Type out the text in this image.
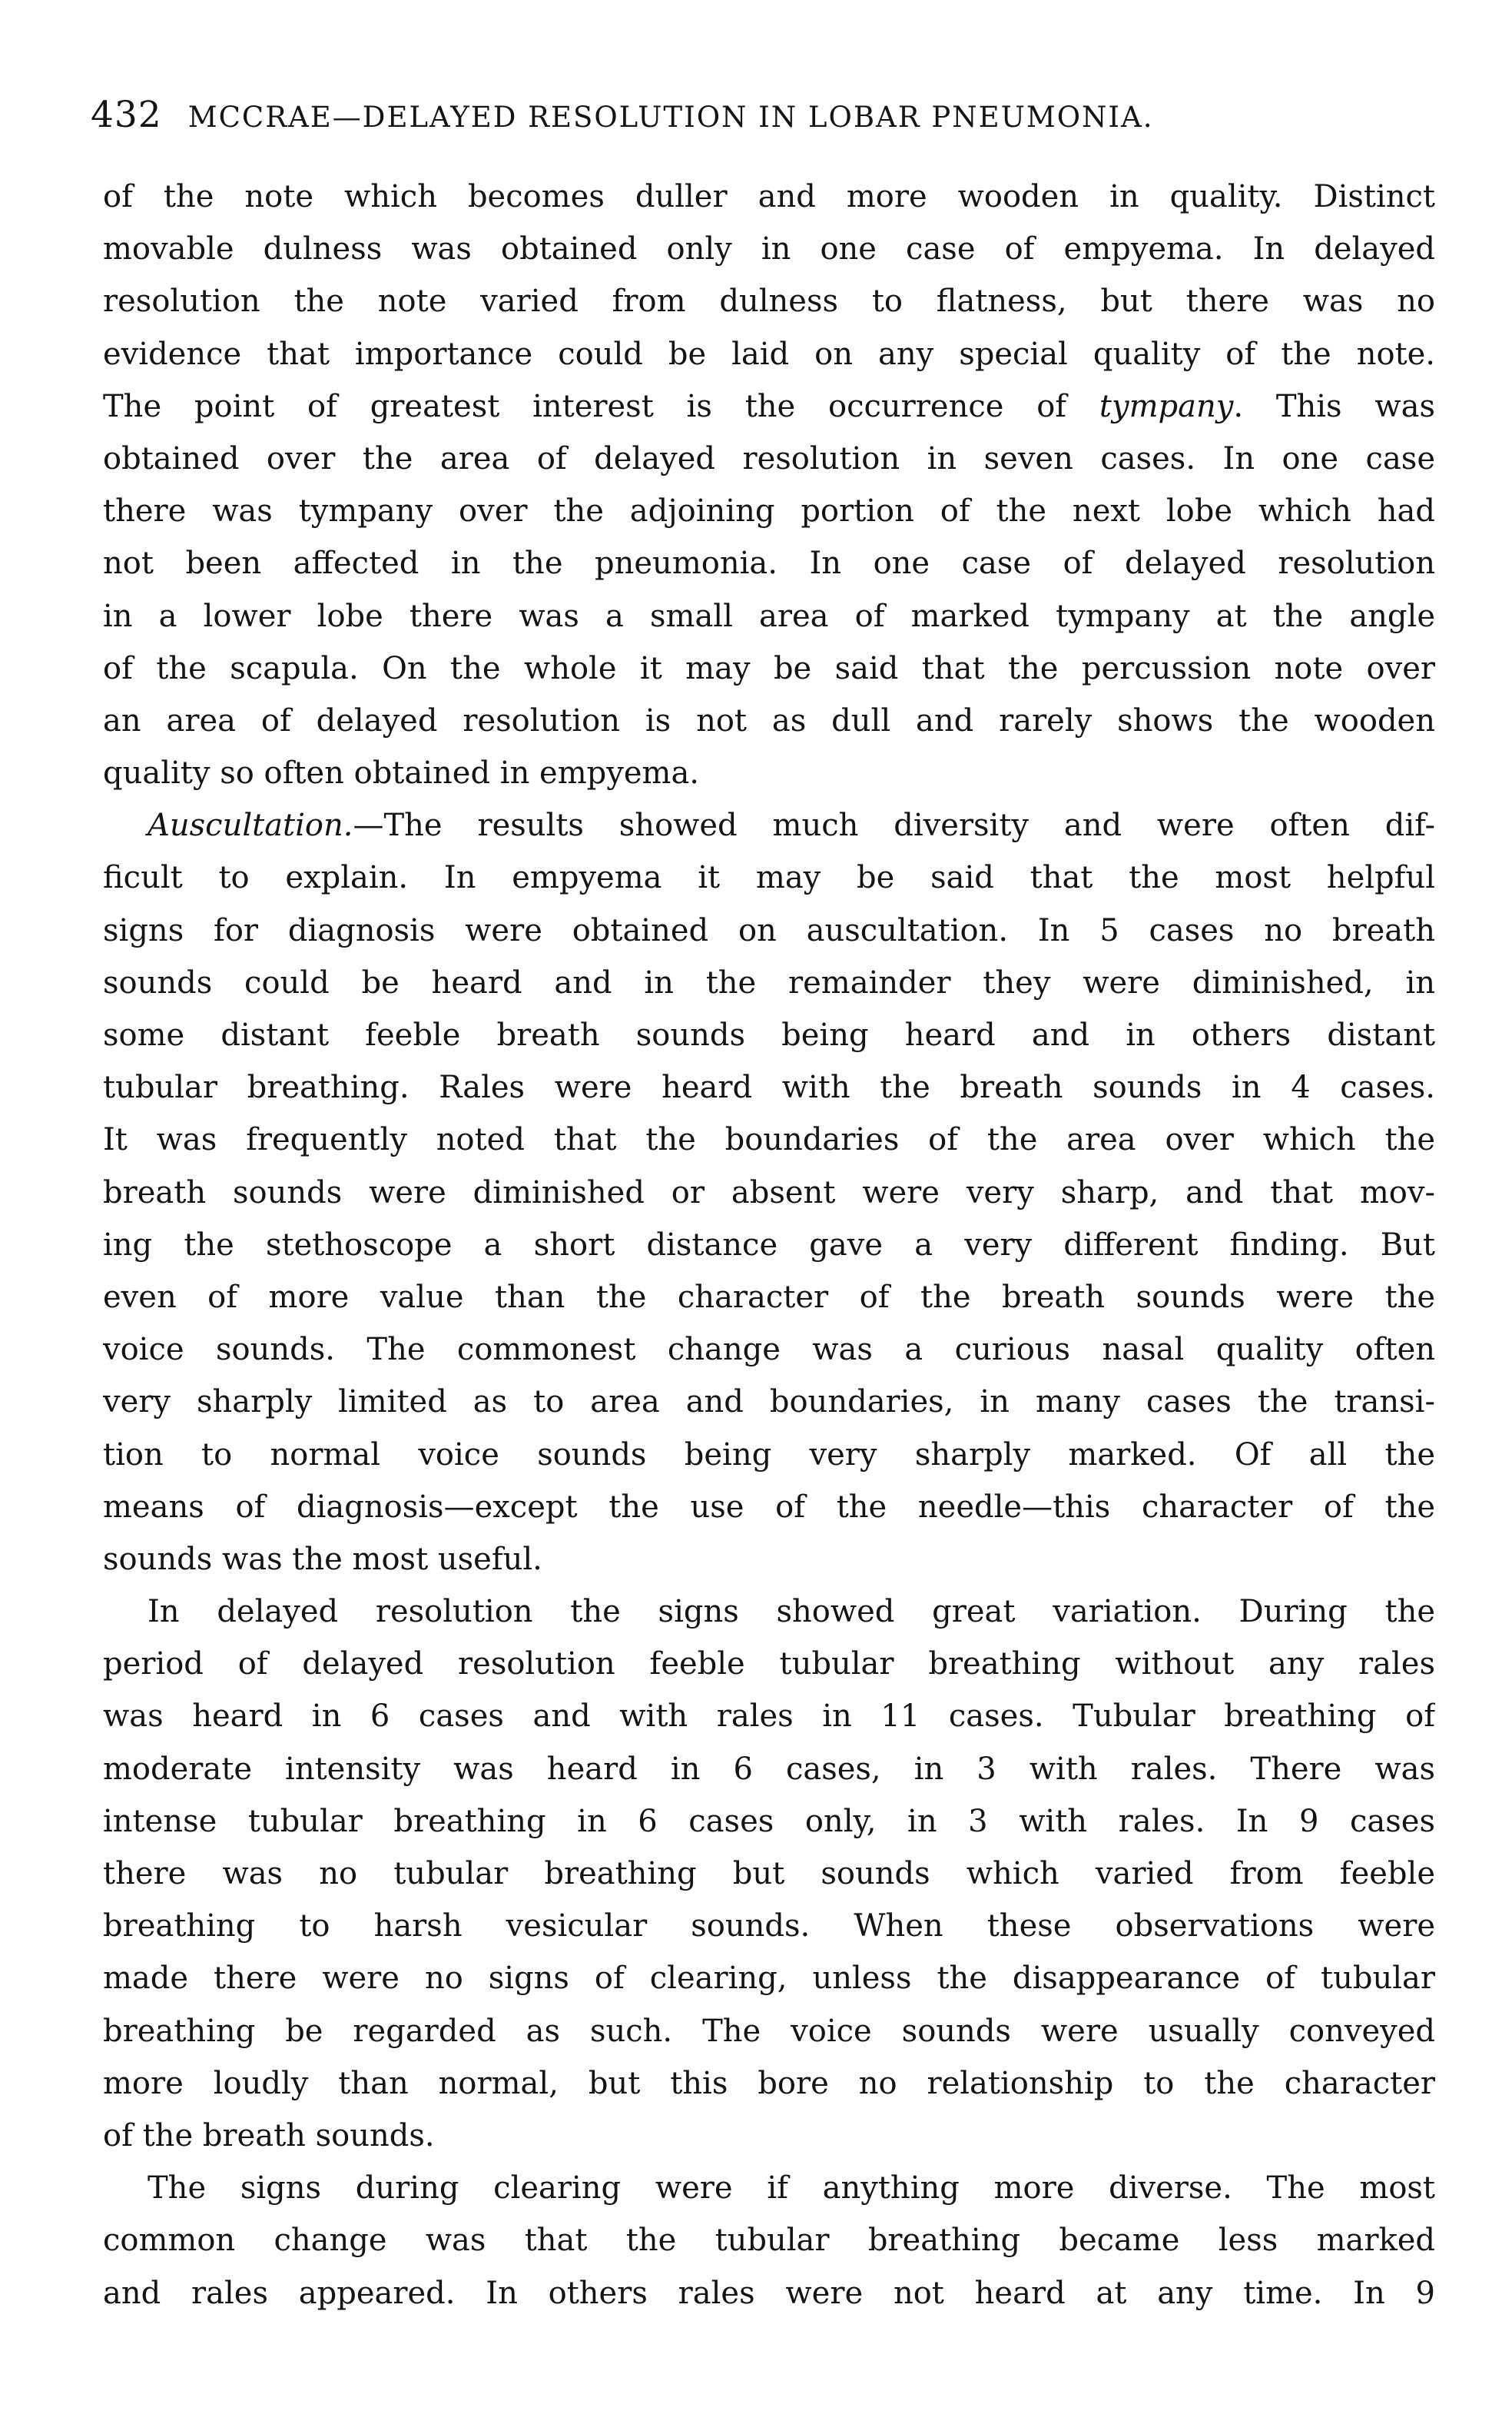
432 MCCRAE—DELAYED RESOLUTION IN LOBAR PNEUMONIA.
of the note which becomes duller and more wooden in quality. Distinct
movable dulness was obtained only in one case of empyema. In delayed
resolution the note varied from dulness to flatness, but there was no
evidence that importance could be laid on any special quality of the note.
The point of greatest interest is the occurrence of tympany. This was
obtained over the area of delayed resolution in seven cases. In one case
there was tympany over the adjoining portion of the next lobe which had
not been affected in the pneumonia. In one case of delayed resolution
in a lower lobe there was a small area of marked tympany at the angle
of the scapula. On the whole it may be said that the percussion note over
an area of delayed resolution is not as dull and rarely shows the wooden
quality so often obtained in empyema.
Auscultation.—The results showed much diversity and were often dif-
ficult to explain. In empyema it may be said that the most helpful
signs for diagnosis were obtained on auscultation. In 5 cases no breath
sounds could be heard and in the remainder they were diminished, in
some distant feeble breath sounds being heard and in others distant
tubular breathing. Rales were heard with the breath sounds in 4 cases.
It was frequently noted that the boundaries of the area over which the
breath sounds were diminished or absent were very sharp, and that mov-
ing the stethoscope a short distance gave a very different finding. But
even of more value than the character of the breath sounds were the
voice sounds. The commonest change was a curious nasal quality often
very sharply limited as to area and boundaries, in many cases the transi-
tion to normal voice sounds being very sharply marked. Of all the
means of diagnosis—except the use of the needle—this character of the
sounds was the most useful.
In delayed resolution the signs showed great variation. During the
period of delayed resolution feeble tubular breathing without any rales
was heard in 6 cases and with rales in 11 cases. Tubular breathing of
moderate intensity was heard in 6 cases, in 3 with rales. There was
intense tubular breathing in 6 cases only, in 3 with rales. In 9 cases
there was no tubular breathing but sounds which varied from feeble
breathing to harsh vesicular sounds. When these observations were
made there were no signs of clearing, unless the disappearance of tubular
breathing be regarded as such. The voice sounds were usually conveyed
more loudly than normal, but this bore no relationship to the character
of the breath sounds.
The signs during clearing were if anything more diverse. The most
common change was that the tubular breathing became less marked
and rales appeared. In others rales were not heard at any time. In 9
